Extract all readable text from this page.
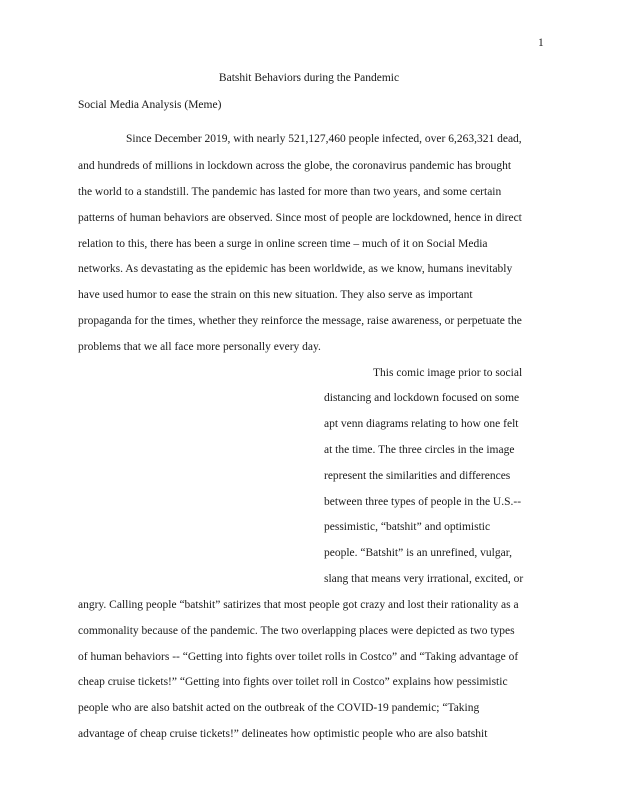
1
Batshit Behaviors during the Pandemic
Social Media Analysis (Meme)
Since December 2019, with nearly 521,127,460 people infected, over 6,263,321 dead,
and hundreds of millions in lockdown across the globe, the coronavirus pandemic has brought
the world to a standstill. The pandemic has lasted for more than two years, and some certain
patterns of human behaviors are observed. Since most of people are lockdowned, hence in direct
relation to this, there has been a surge in online screen time – much of it on Social Media
networks. As devastating as the epidemic has been worldwide, as we know, humans inevitably
have used humor to ease the strain on this new situation. They also serve as important
propaganda for the times, whether they reinforce the message, raise awareness, or perpetuate the
problems that we all face more personally every day.
This comic image prior to social
distancing and lockdown focused on some
apt venn diagrams relating to how one felt
at the time. The three circles in the image
represent the similarities and differences
between three types of people in the U.S.--
pessimistic, “batshit” and optimistic
people. “Batshit” is an unrefined, vulgar,
slang that means very irrational, excited, or
angry. Calling people “batshit” satirizes that most people got crazy and lost their rationality as a
commonality because of the pandemic. The two overlapping places were depicted as two types
of human behaviors -- “Getting into fights over toilet rolls in Costco” and “Taking advantage of
cheap cruise tickets!” “Getting into fights over toilet roll in Costco” explains how pessimistic
people who are also batshit acted on the outbreak of the COVID-19 pandemic; “Taking
advantage of cheap cruise tickets!” delineates how optimistic people who are also batshit
